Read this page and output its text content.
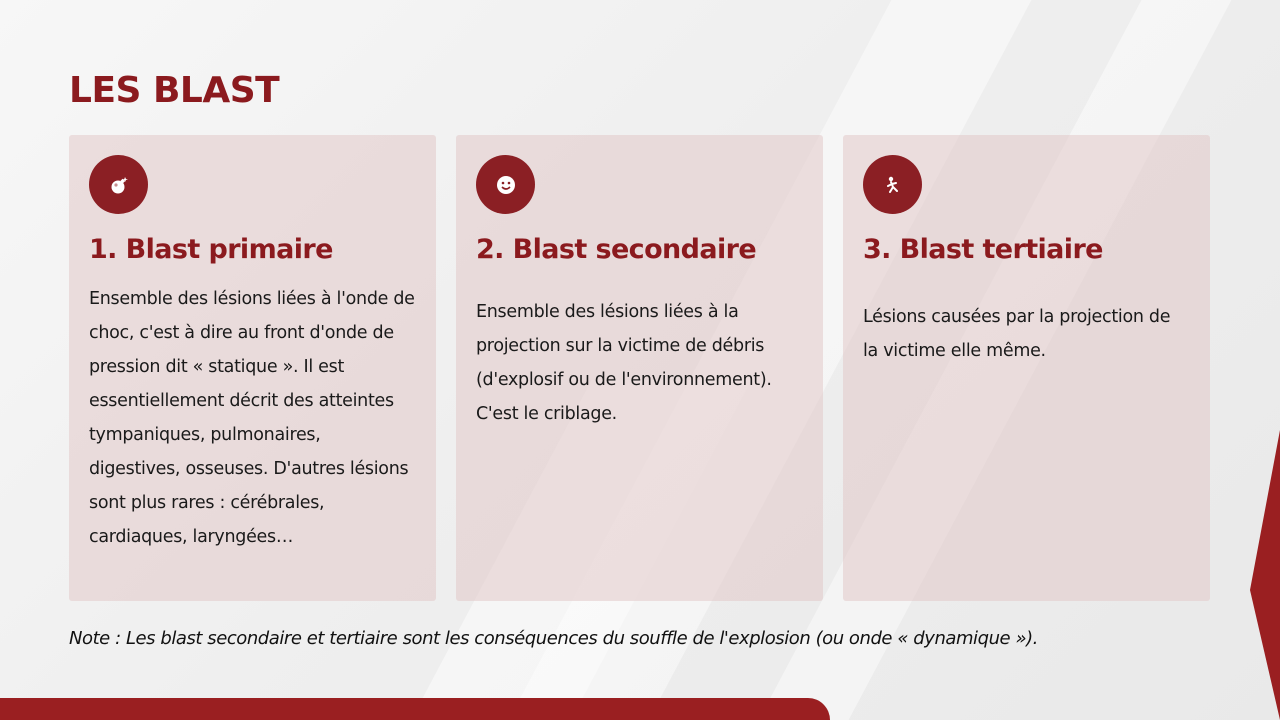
LES BLAST
1. Blast primaire

Ensemble des lésions liées à l'onde de choc, c'est à dire au front d'onde de pression dit « statique ». Il est essentiellement décrit des atteintes tympaniques, pulmonaires, digestives, osseuses. D'autres lésions sont plus rares : cérébrales, cardiaques, laryngées…

2. Blast secondaire

Ensemble des lésions liées à la projection sur la victime de débris (d'explosif ou de l'environnement). C'est le criblage.

3. Blast tertiaire

Lésions causées par la projection de la victime elle même.

Note : Les blast secondaire et tertiaire sont les conséquences du souffle de l'explosion (ou onde « dynamique »).
